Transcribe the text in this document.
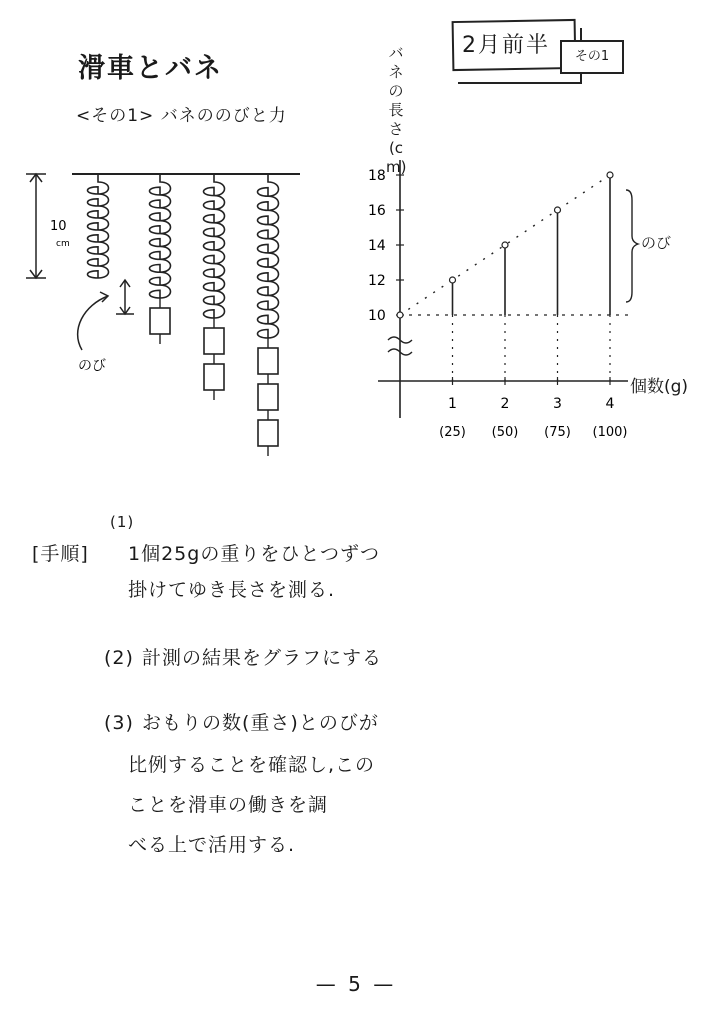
滑車とバネ
<その1> バネののびと力
2月前半	その1
10
cm
のび
10
12
14
16
18
1
(25)
2
(50)
3
(75)
4
(100)
バネの長さ(cm)
個数(g)
のび
[手順]
(1)
1個25gの重りをひとつずつ
掛けてゆき長さを測る.
(2) 計測の結果をグラフにする
(3) おもりの数(重さ)とのびが
比例することを確認し,この
ことを滑車の働きを調
べる上で活用する.
— 5 —
